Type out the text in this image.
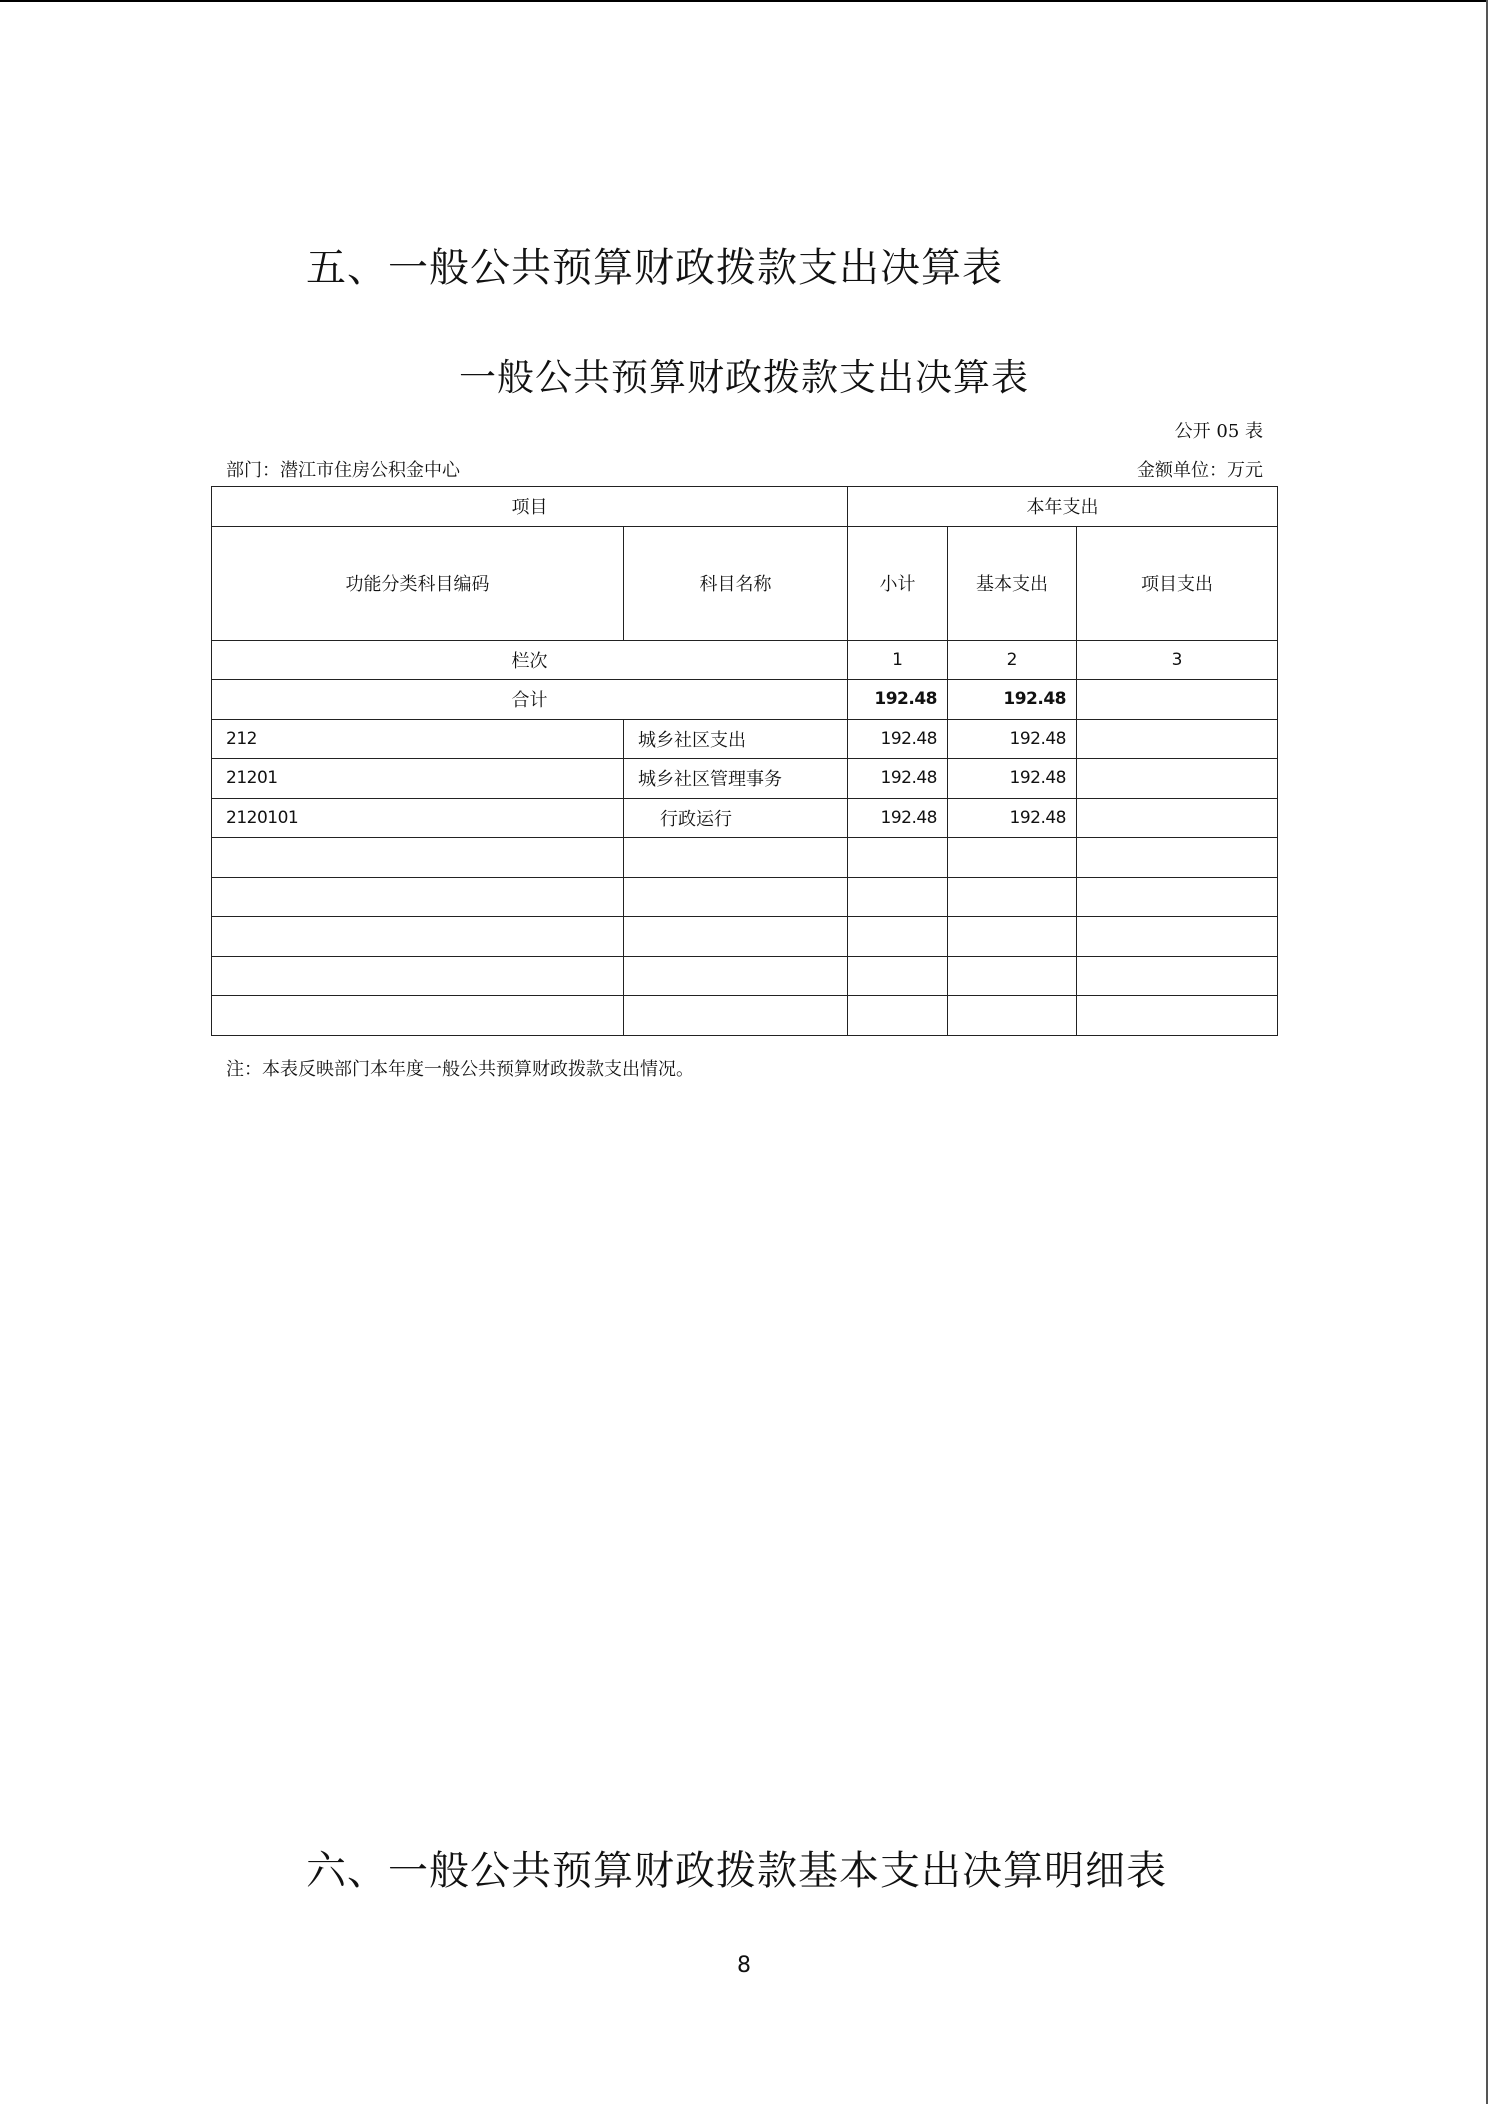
五、一般公共预算财政拨款支出决算表
一般公共预算财政拨款支出决算表
公开 05 表
部门：潜江市住房公积金中心	金额单位：万元
项目		本年支出		
功能分类科目编码	科目名称	小计	基本支出	项目支出
栏次		1	2	3
合计		192.48	192.48	
212	城乡社区支出	192.48	192.48	
21201	城乡社区管理事务	192.48	192.48	
2120101	行政运行	192.48	192.48	

注：本表反映部门本年度一般公共预算财政拨款支出情况。
六、一般公共预算财政拨款基本支出决算明细表
8
